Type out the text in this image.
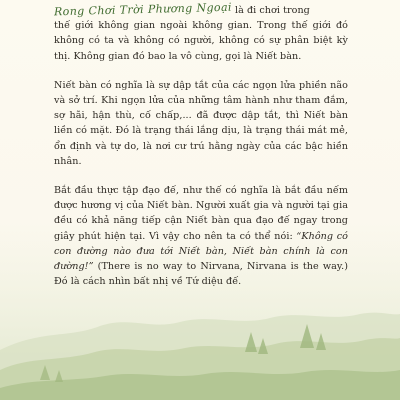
Rong Chơi Trời Phương Ngoại là đi chơi trong
thế giới không gian ngoài không gian. Trong thế giới đó không có ta và không có người, không có sự phân biệt kỳ thị. Không gian đó bao la vô cùng, gọi là Niết bàn.

Niết bàn có nghĩa là sự dập tắt của các ngọn lửa phiền não và sở trí. Khi ngọn lửa của những tâm hành như tham đắm, sợ hãi, hận thù, cố chấp,... đã được dập tắt, thì Niết bàn liền có mặt. Đó là trạng thái lắng dịu, là trạng thái mát mẻ, ổn định và tự do, là nơi cư trú hằng ngày của các bậc hiền nhân.

Bắt đầu thực tập đạo đế, như thế có nghĩa là bắt đầu nếm được hương vị của Niết bàn. Người xuất gia và người tại gia đều có khả năng tiếp cận Niết bàn qua đạo đế ngay trong giây phút hiện tại. Vì vậy cho nên ta có thể nói: “Không có con đường nào đưa tới Niết bàn, Niết bàn chính là con đường!” (There is no way to Nirvana, Nirvana is the way.) Đó là cách nhìn bất nhị về Tứ diệu đế.
